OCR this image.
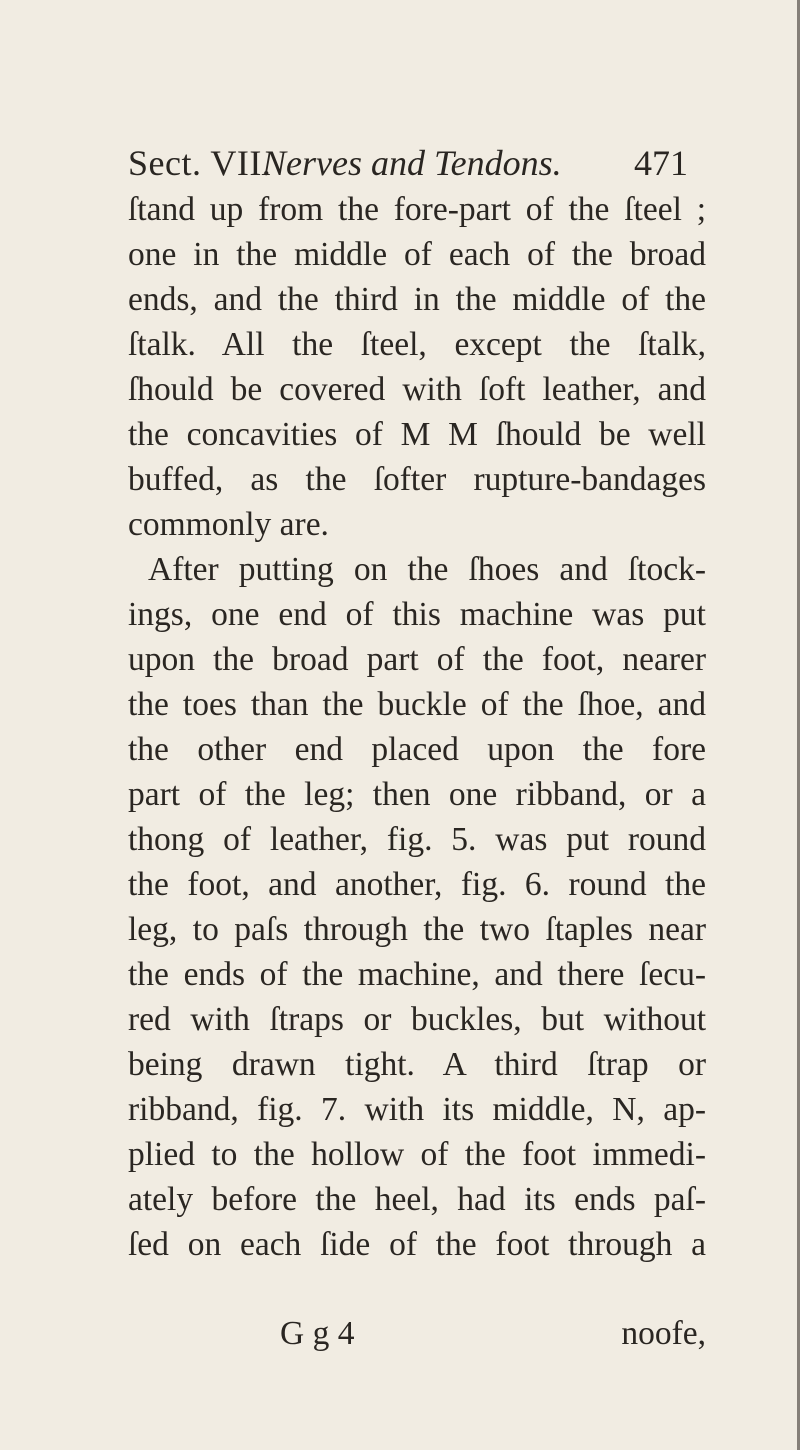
Sect. VII.
Nerves and Tendons. 471
ſtand up from the fore-part of the ſteel ;
one in the middle of each of the broad
ends, and the third in the middle of the
ſtalk. All the ſteel, except the ſtalk,
ſhould be covered with ſoft leather, and
the concavities of M M ſhould be well
buffed, as the ſofter rupture-bandages
commonly are.
After putting on the ſhoes and ſtock-
ings, one end of this machine was put
upon the broad part of the foot, nearer
the toes than the buckle of the ſhoe, and
the other end placed upon the fore
part of the leg; then one ribband, or a
thong of leather, fig. 5. was put round
the foot, and another, fig. 6. round the
leg, to paſs through the two ſtaples near
the ends of the machine, and there ſecu-
red with ſtraps or buckles, but without
being drawn tight. A third ſtrap or
ribband, fig. 7. with its middle, N, ap-
plied to the hollow of the foot immedi-
ately before the heel, had its ends paſ-
ſed on each ſide of the foot through a
G g 4	noofe,
